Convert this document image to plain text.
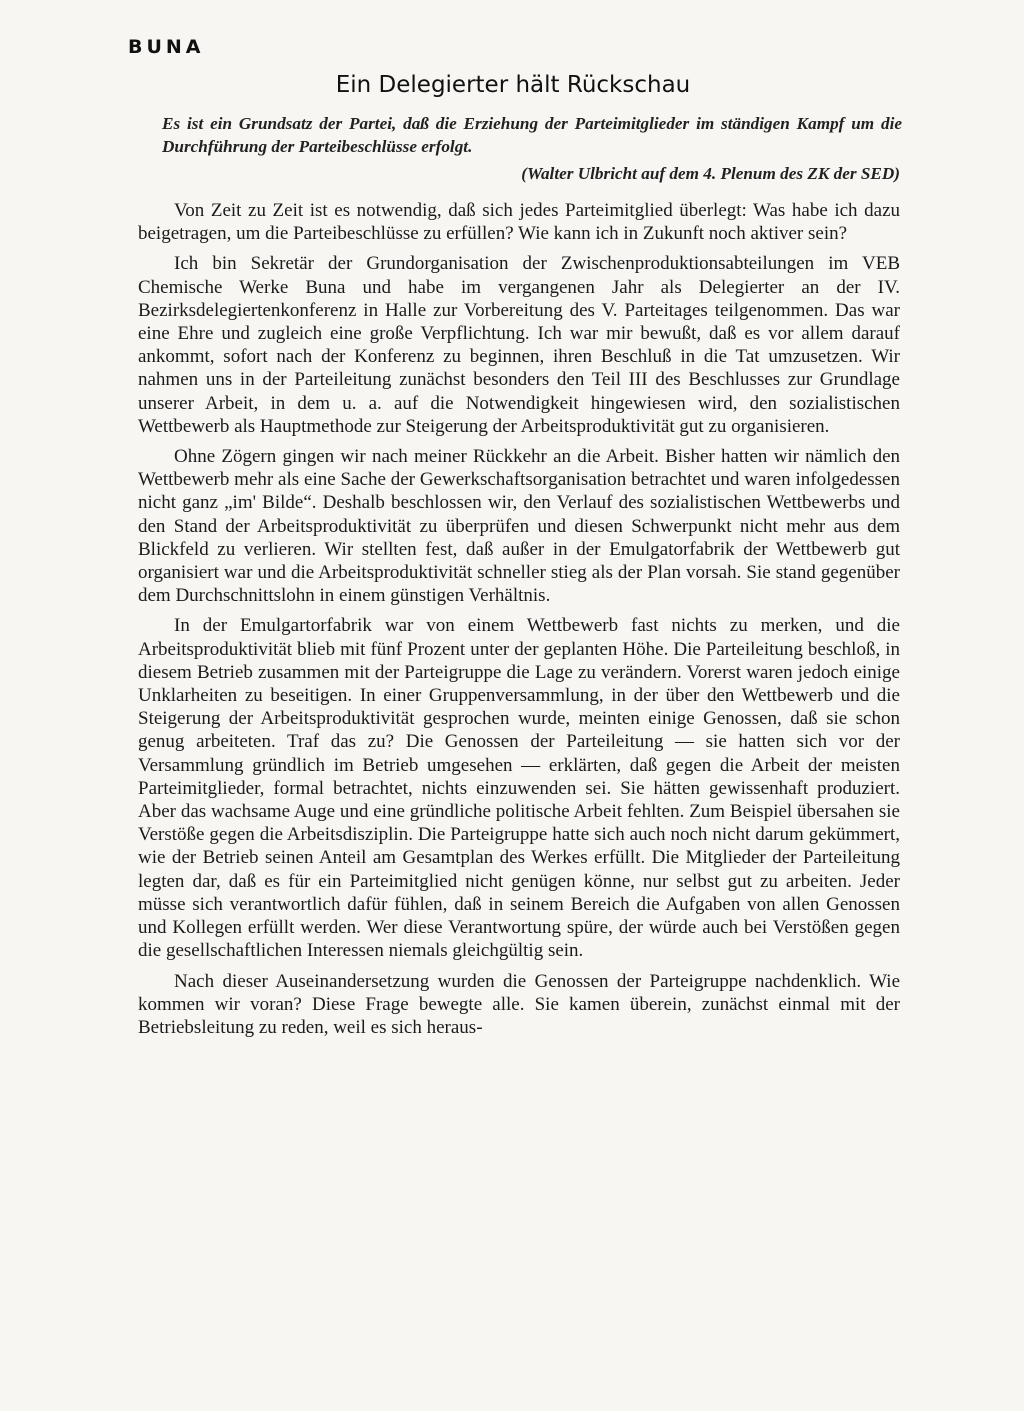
BUNA
Ein Delegierter hält Rückschau
Es ist ein Grundsatz der Partei, daß die Erziehung der Parteimitglieder im ständigen Kampf um die Durchführung der Parteibeschlüsse erfolgt.
(Walter Ulbricht auf dem 4. Plenum des ZK der SED)

Von Zeit zu Zeit ist es notwendig, daß sich jedes Parteimitglied überlegt: Was habe ich dazu beigetragen, um die Parteibeschlüsse zu erfüllen? Wie kann ich in Zukunft noch aktiver sein?

Ich bin Sekretär der Grundorganisation der Zwischenproduktionsabteilungen im VEB Chemische Werke Buna und habe im vergangenen Jahr als Delegierter an der IV. Bezirksdelegiertenkonferenz in Halle zur Vorbereitung des V. Parteitages teilgenommen. Das war eine Ehre und zugleich eine große Verpflichtung. Ich war mir bewußt, daß es vor allem darauf ankommt, sofort nach der Konferenz zu beginnen, ihren Beschluß in die Tat umzusetzen. Wir nahmen uns in der Parteileitung zunächst besonders den Teil III des Beschlusses zur Grundlage unserer Arbeit, in dem u. a. auf die Notwendigkeit hingewiesen wird, den sozialistischen Wettbewerb als Hauptmethode zur Steigerung der Arbeitsproduktivität gut zu organisieren.

Ohne Zögern gingen wir nach meiner Rückkehr an die Arbeit. Bisher hatten wir nämlich den Wettbewerb mehr als eine Sache der Gewerkschaftsorganisation betrachtet und waren infolgedessen nicht ganz „im' Bilde“. Deshalb beschlossen wir, den Verlauf des sozialistischen Wettbewerbs und den Stand der Arbeitsproduktivität zu überprüfen und diesen Schwerpunkt nicht mehr aus dem Blickfeld zu verlieren. Wir stellten fest, daß außer in der Emulgatorfabrik der Wettbewerb gut organisiert war und die Arbeitsproduktivität schneller stieg als der Plan vorsah. Sie stand gegenüber dem Durchschnittslohn in einem günstigen Verhältnis.

In der Emulgartorfabrik war von einem Wettbewerb fast nichts zu merken, und die Arbeitsproduktivität blieb mit fünf Prozent unter der geplanten Höhe. Die Parteileitung beschloß, in diesem Betrieb zusammen mit der Parteigruppe die Lage zu verändern. Vorerst waren jedoch einige Unklarheiten zu beseitigen. In einer Gruppenversammlung, in der über den Wettbewerb und die Steigerung der Arbeitsproduktivität gesprochen wurde, meinten einige Genossen, daß sie schon genug arbeiteten. Traf das zu? Die Genossen der Parteileitung — sie hatten sich vor der Versammlung gründlich im Betrieb umgesehen — erklärten, daß gegen die Arbeit der meisten Parteimitglieder, formal betrachtet, nichts einzuwenden sei. Sie hätten gewissenhaft produziert. Aber das wachsame Auge und eine gründliche politische Arbeit fehlten. Zum Beispiel übersahen sie Verstöße gegen die Arbeitsdisziplin. Die Parteigruppe hatte sich auch noch nicht darum gekümmert, wie der Betrieb seinen Anteil am Gesamtplan des Werkes erfüllt. Die Mitglieder der Parteileitung legten dar, daß es für ein Parteimitglied nicht genügen könne, nur selbst gut zu arbeiten. Jeder müsse sich verantwortlich dafür fühlen, daß in seinem Bereich die Aufgaben von allen Genossen und Kollegen erfüllt werden. Wer diese Verantwortung spüre, der würde auch bei Verstößen gegen die gesellschaftlichen Interessen niemals gleichgültig sein.

Nach dieser Auseinandersetzung wurden die Genossen der Parteigruppe nachdenklich. Wie kommen wir voran? Diese Frage bewegte alle. Sie kamen überein, zunächst einmal mit der Betriebsleitung zu reden, weil es sich heraus-
